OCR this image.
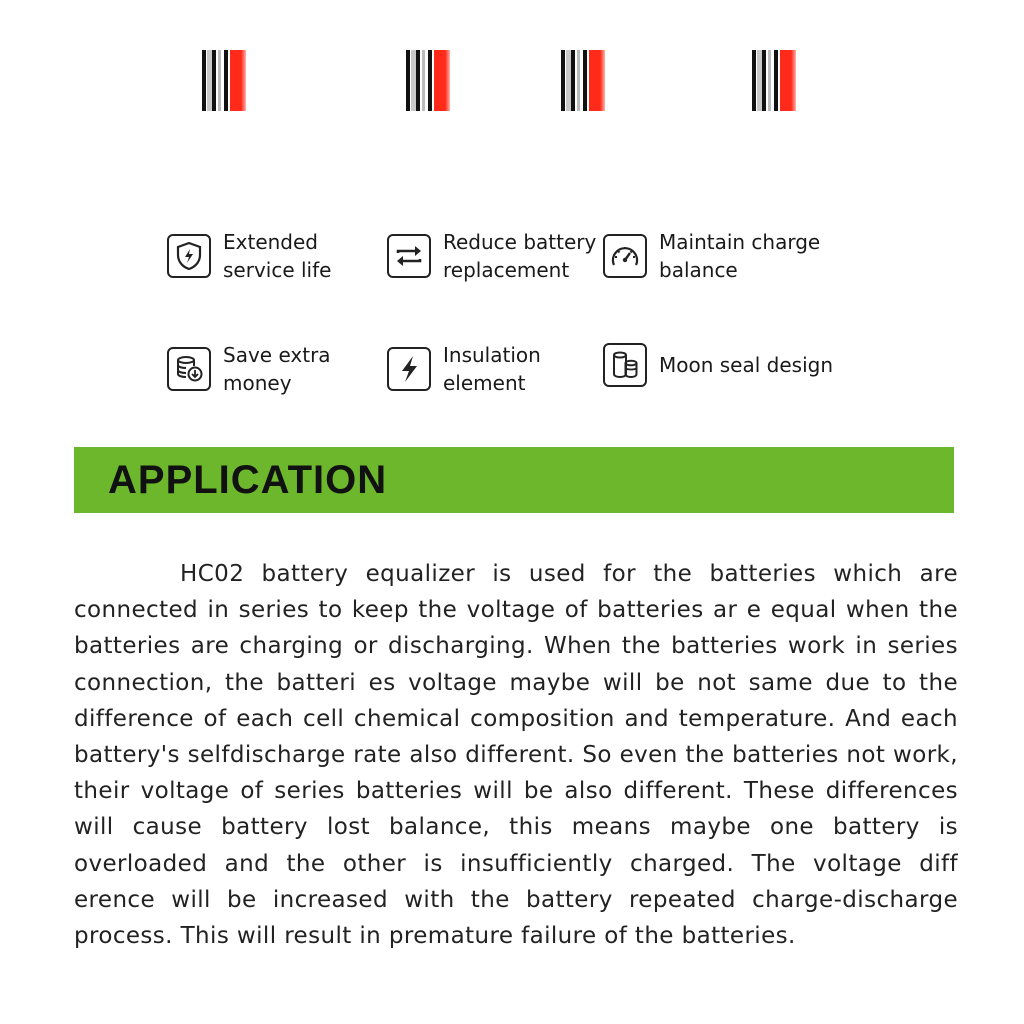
Extended
service life
Reduce battery
replacement
Maintain charge
balance
Save extra
money
Insulation
element
Moon seal design
APPLICATION

HC02 battery equalizer is used for the batteries which are connected in series to keep the voltage of batteries ar e equal when the batteries are charging or discharging. When the batteries work in series connection, the batteri es voltage maybe will be not same due to the difference of each cell chemical composition and temperature. And each battery's selfdischarge rate also different. So even the batteries not work, their voltage of series batteries will be also different. These differences will cause battery lost balance, this means maybe one battery is overloaded and the other is insufficiently charged. The voltage diff erence will be increased with the battery repeated charge-discharge process. This will result in premature failure of the batteries.
